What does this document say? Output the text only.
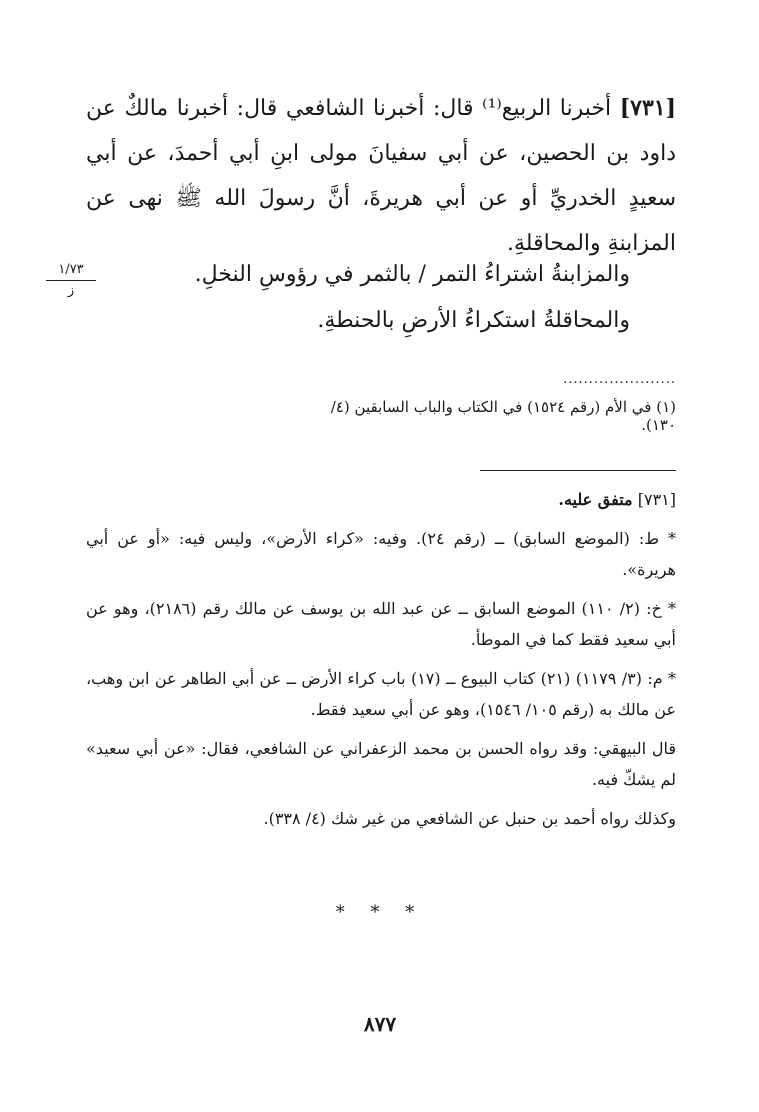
[٧٣١] أخبرنا الربيع⁽¹⁾ قال: أخبرنا الشافعي قال: أخبرنا مالكٌ عن داود بن الحصين، عن أبي سفيانَ مولى ابنِ أبي أحمدَ، عن أبي سعيدٍ الخدريِّ أو عن أبي هريرةَ، أنَّ رسولَ الله ﷺ نهى عن المزابنةِ والمحاقلةِ.

والمزابنةُ اشتراءُ التمر / بالثمر في رؤوسِ النخلِ.
والمحاقلةُ استكراءُ الأرضِ بالحنطةِ.
١/٧٣
ز
......................
(١) في الأم (رقم ١٥٢٤) في الكتاب والباب السابقين (٤/ ١٣٠).

[٧٣١] متفق عليه.

* ط: (الموضع السابق) ــ (رقم ٢٤). وفيه: «كراء الأرض»، وليس فيه: «أو عن أبي هريرة».

* خ: (٢/ ١١٠) الموضع السابق ــ عن عبد الله بن يوسف عن مالك رقم (٢١٨٦)، وهو عن أبي سعيد فقط كما في الموطأ.

* م: (٣/ ١١٧٩) (٢١) كتاب البيوع ــ (١٧) باب كراء الأرض ــ عن أبي الطاهر عن ابن وهب، عن مالك به (رقم ١٠٥/ ١٥٤٦)، وهو عن أبي سعيد فقط.

قال البيهقي: وقد رواه الحسن بن محمد الزعفراني عن الشافعي، فقال: «عن أبي سعيد» لم يشكّ فيه.

وكذلك رواه أحمد بن حنبل عن الشافعي من غير شك (٤/ ٣٣٨).

* * *
٨٧٧
